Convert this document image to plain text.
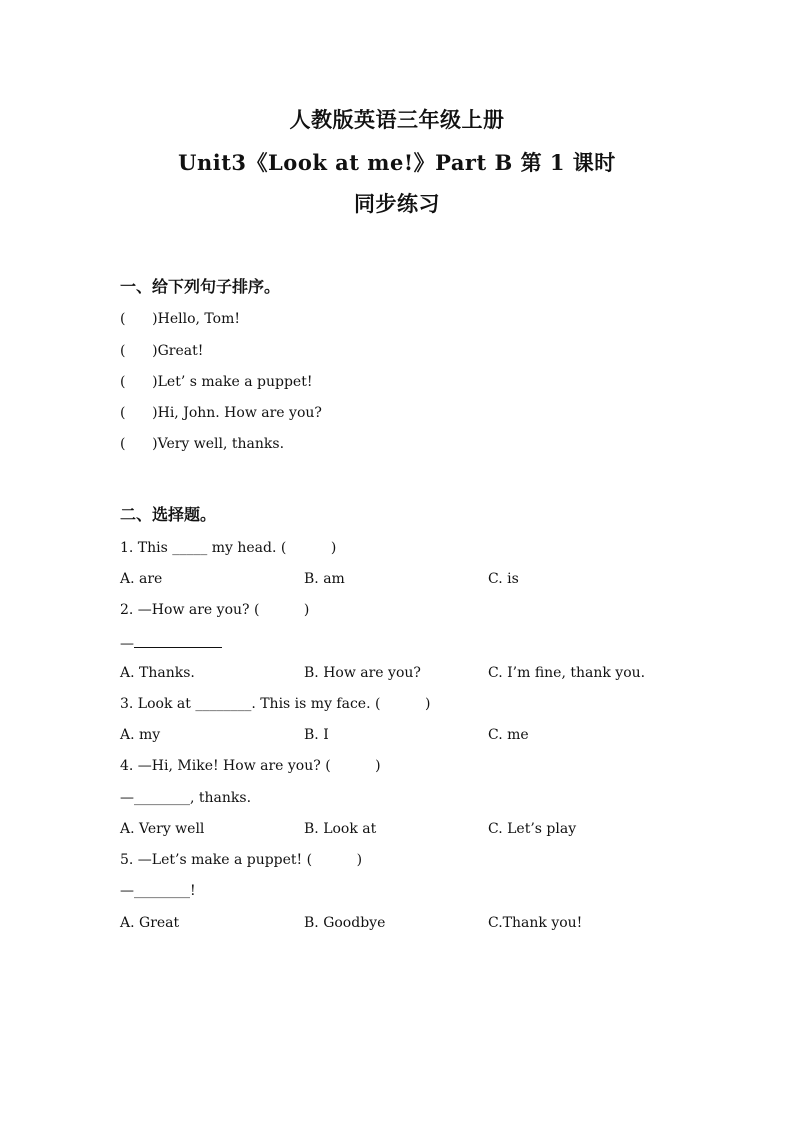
人教版英语三年级上册
Unit3《Look at me!》Part B 第 1 课时
同步练习
一、给下列句子排序。
(      )Hello, Tom!
(      )Great!
(      )Let’ s make a puppet!
(      )Hi, John. How are you?
(      )Very well, thanks.
二、选择题。
1. This _____ my head. (          )
A. are	B. am	C. is
2. —How are you? (          )
—
A. Thanks.	B. How are you?	C. I’m fine, thank you.
3. Look at ________. This is my face. (          )
A. my	B. I	C. me
4. —Hi, Mike! How are you? (          )
—________, thanks.
A. Very well	B. Look at	C. Let’s play
5. —Let’s make a puppet! (          )
—________!
A. Great	B. Goodbye	C.Thank you!
